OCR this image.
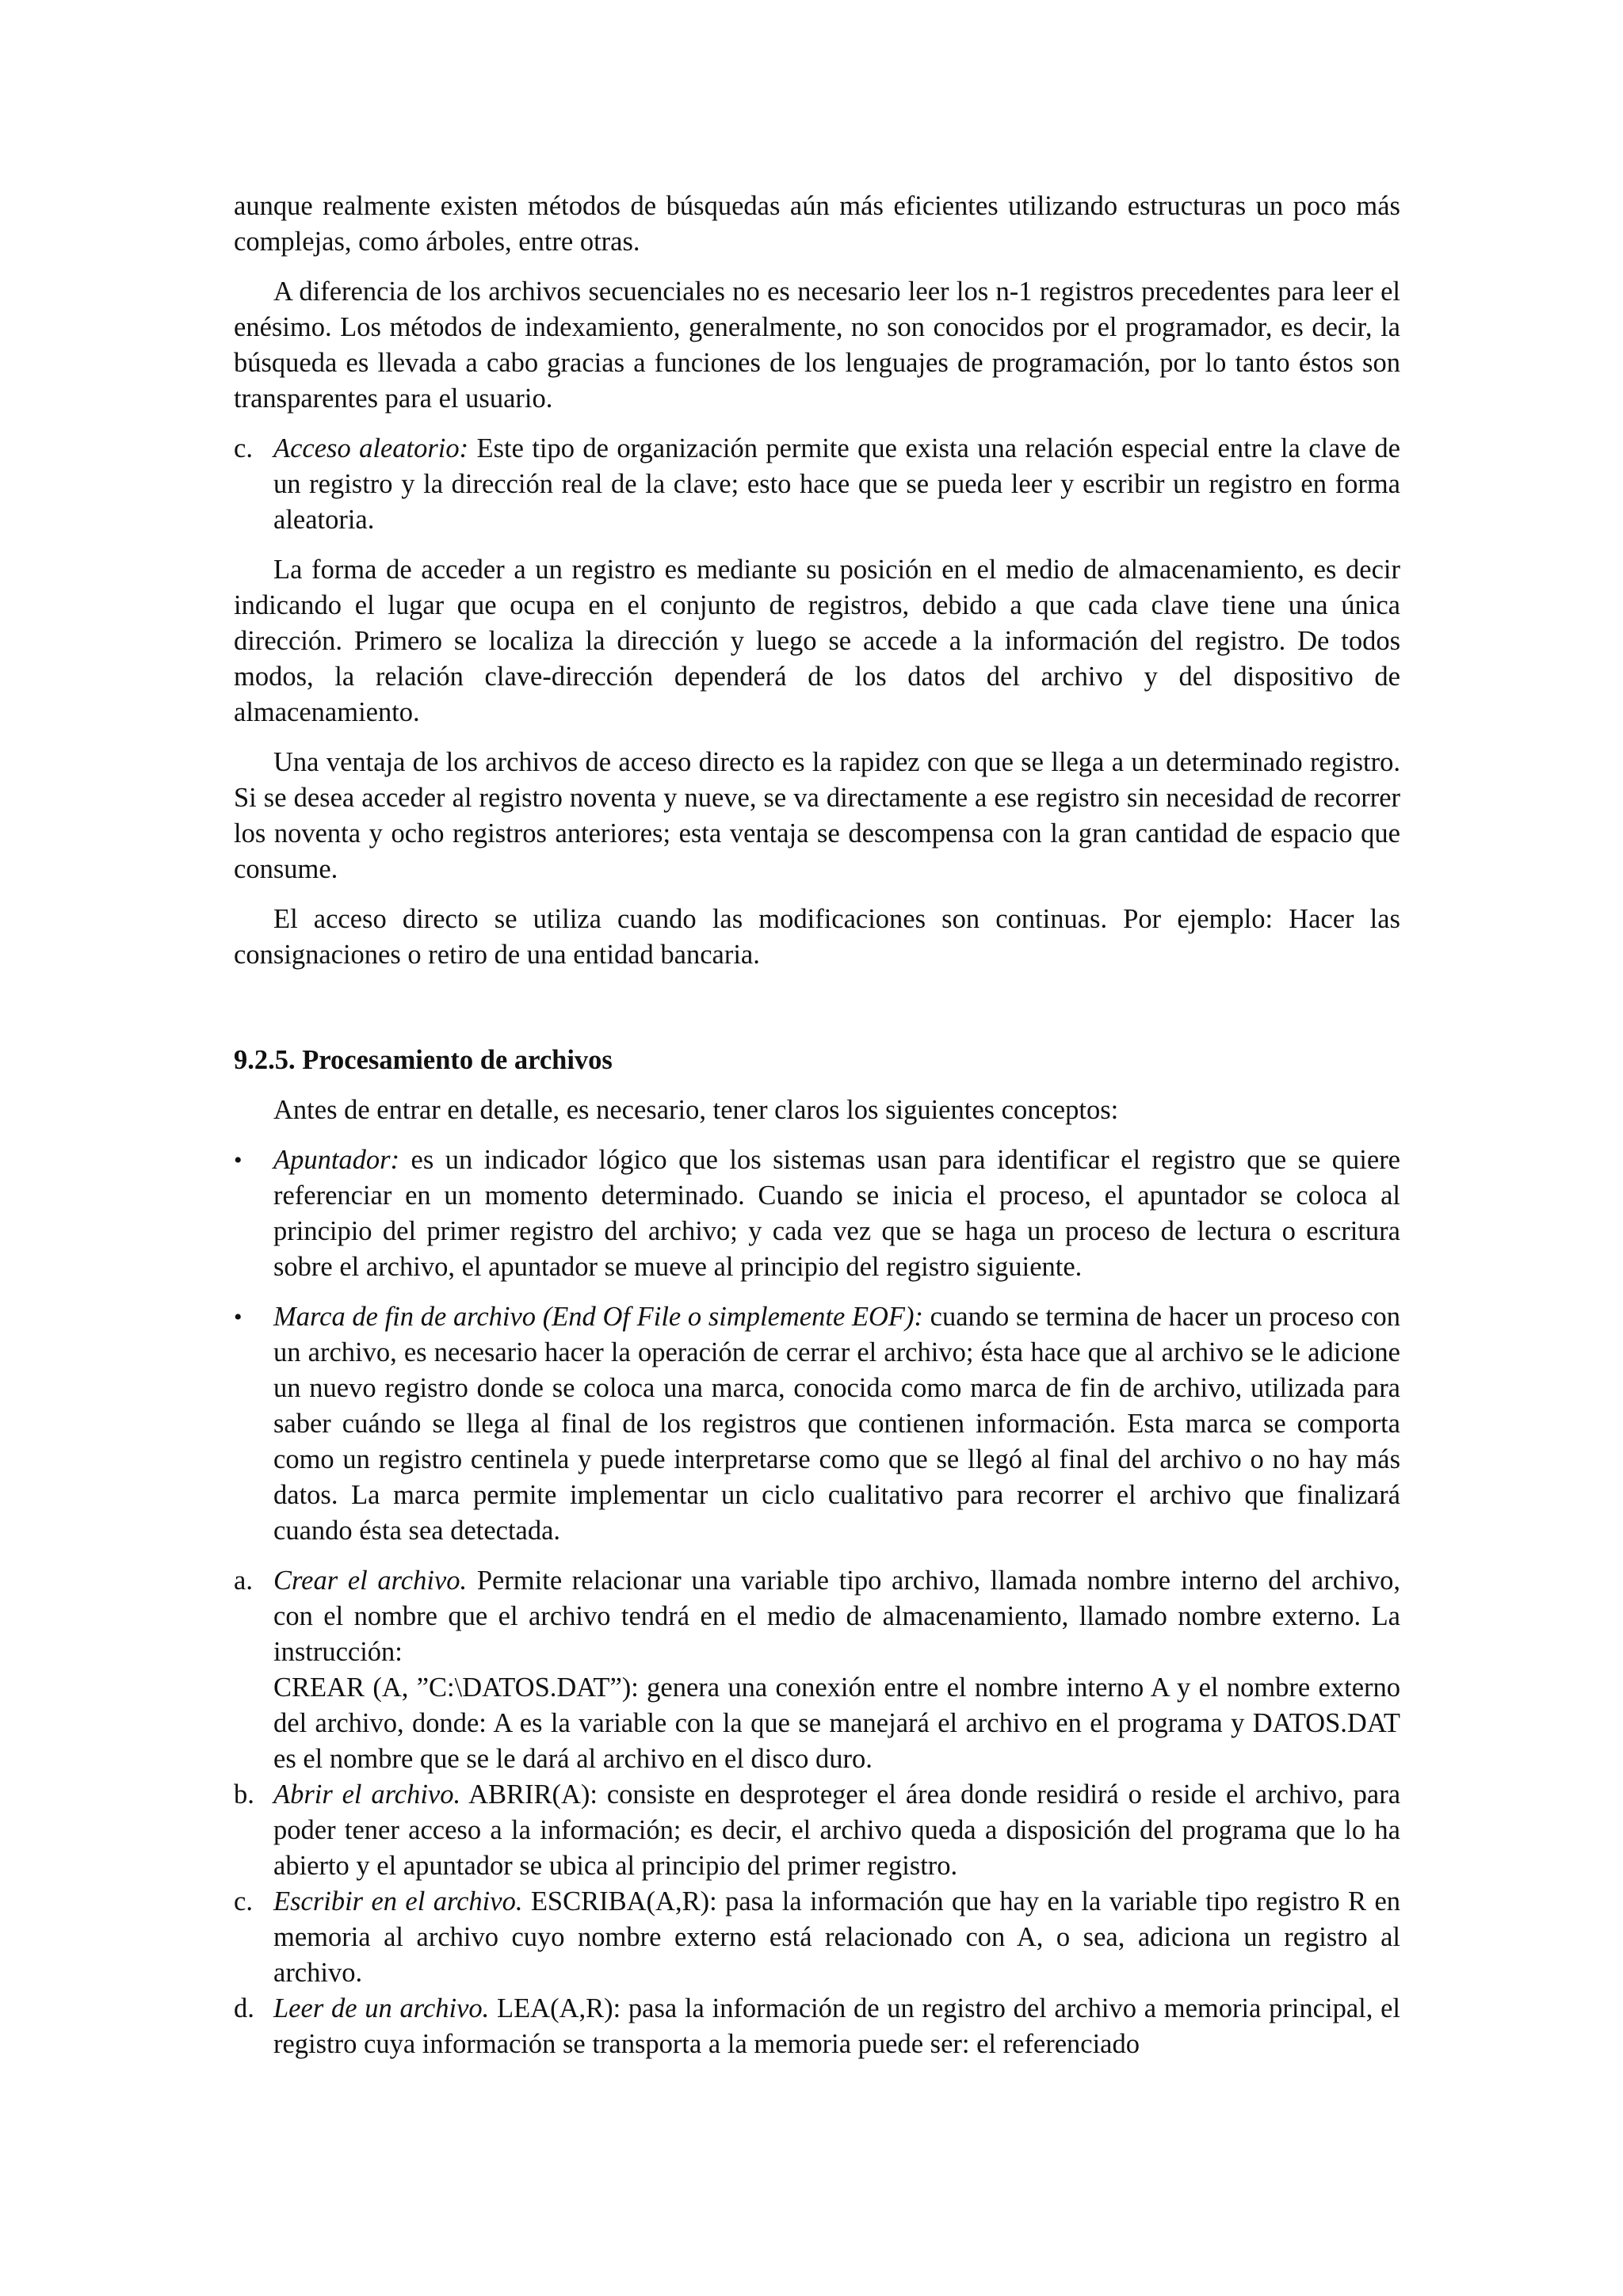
aunque realmente existen métodos de búsquedas aún más eficientes utilizando estructuras un poco más complejas, como árboles, entre otras.

A diferencia de los archivos secuenciales no es necesario leer los n-1 registros precedentes para leer el enésimo. Los métodos de indexamiento, generalmente, no son conocidos por el programador, es decir, la búsqueda es llevada a cabo gracias a funciones de los lenguajes de programación, por lo tanto éstos son transparentes para el usuario.

c. Acceso aleatorio: Este tipo de organización permite que exista una relación especial entre la clave de un registro y la dirección real de la clave; esto hace que se pueda leer y escribir un registro en forma aleatoria.

La forma de acceder a un registro es mediante su posición en el medio de almacenamiento, es decir indicando el lugar que ocupa en el conjunto de registros, debido a que cada clave tiene una única dirección. Primero se localiza la dirección y luego se accede a la información del registro. De todos modos, la relación clave-dirección dependerá de los datos del archivo y del dispositivo de almacenamiento.

Una ventaja de los archivos de acceso directo es la rapidez con que se llega a un determinado registro. Si se desea acceder al registro noventa y nueve, se va directamente a ese registro sin necesidad de recorrer los noventa y ocho registros anteriores; esta ventaja se descompensa con la gran cantidad de espacio que consume.

El acceso directo se utiliza cuando las modificaciones son continuas. Por ejemplo: Hacer las consignaciones o retiro de una entidad bancaria.

9.2.5. Procesamiento de archivos

Antes de entrar en detalle, es necesario, tener claros los siguientes conceptos:

• Apuntador: es un indicador lógico que los sistemas usan para identificar el registro que se quiere referenciar en un momento determinado. Cuando se inicia el proceso, el apuntador se coloca al principio del primer registro del archivo; y cada vez que se haga un proceso de lectura o escritura sobre el archivo, el apuntador se mueve al principio del registro siguiente.
• Marca de fin de archivo (End Of File o simplemente EOF): cuando se termina de hacer un proceso con un archivo, es necesario hacer la operación de cerrar el archivo; ésta hace que al archivo se le adicione un nuevo registro donde se coloca una marca, conocida como marca de fin de archivo, utilizada para saber cuándo se llega al final de los registros que contienen información. Esta marca se comporta como un registro centinela y puede interpretarse como que se llegó al final del archivo o no hay más datos. La marca permite implementar un ciclo cualitativo para recorrer el archivo que finalizará cuando ésta sea detectada.
a. Crear el archivo. Permite relacionar una variable tipo archivo, llamada nombre interno del archivo, con el nombre que el archivo tendrá en el medio de almacenamiento, llamado nombre externo. La instrucción:
CREAR (A, ”C:\DATOS.DAT”): genera una conexión entre el nombre interno A y el nombre externo del archivo, donde: A es la variable con la que se manejará el archivo en el programa y DATOS.DAT es el nombre que se le dará al archivo en el disco duro.
b. Abrir el archivo. ABRIR(A): consiste en desproteger el área donde residirá o reside el archivo, para poder tener acceso a la información; es decir, el archivo queda a disposición del programa que lo ha abierto y el apuntador se ubica al principio del primer registro.
c. Escribir en el archivo. ESCRIBA(A,R): pasa la información que hay en la variable tipo registro R en memoria al archivo cuyo nombre externo está relacionado con A, o sea, adiciona un registro al archivo.
d. Leer de un archivo. LEA(A,R): pasa la información de un registro del archivo a memoria principal, el registro cuya información se transporta a la memoria puede ser: el referenciado
